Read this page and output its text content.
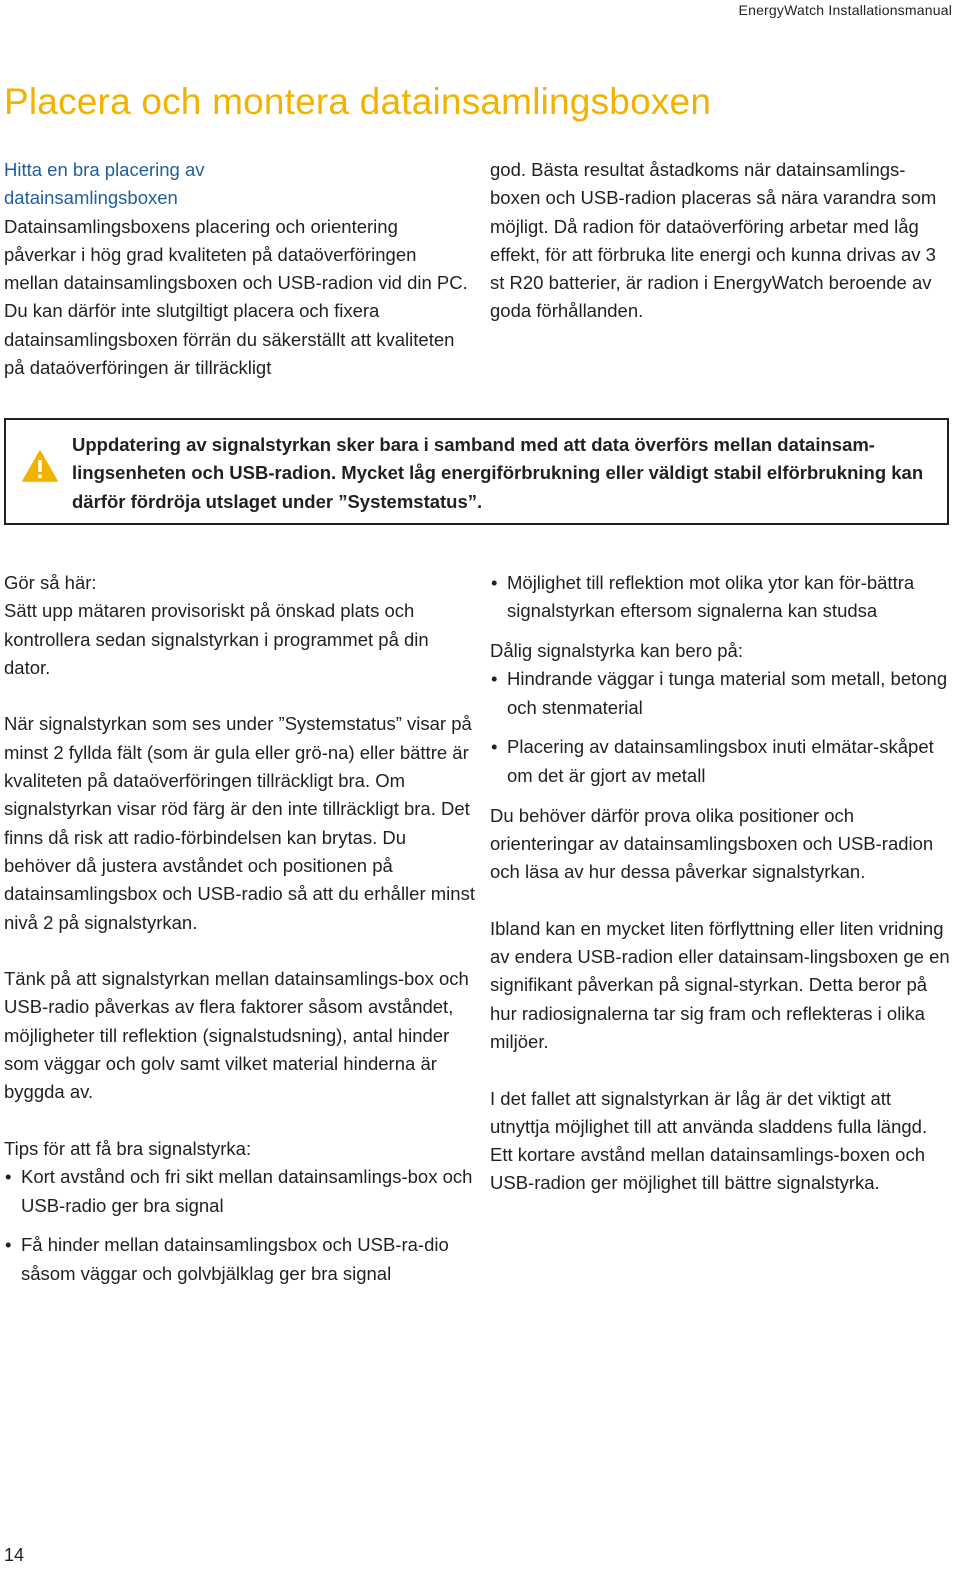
EnergyWatch Installationsmanual
Placera och montera datainsamlingsboxen

Hitta en bra placering av datainsamlingsboxen

Datainsamlingsboxens placering och orientering påverkar i hög grad kvaliteten på dataöverföringen mellan datainsamlingsboxen och USB-radion vid din PC. Du kan därför inte slutgiltigt placera och fixera datainsamlingsboxen förrän du säkerställt att kvaliteten på dataöverföringen är tillräckligt

god. Bästa resultat åstadkoms när datainsamlings-boxen och USB-radion placeras så nära varandra som möjligt. Då radion för dataöverföring arbetar med låg effekt, för att förbruka lite energi och kunna drivas av 3 st R20 batterier, är radion i EnergyWatch beroende av goda förhållanden.

Uppdatering av signalstyrkan sker bara i samband med att data överförs mellan datainsam-lingsenheten och USB-radion. Mycket låg energiförbrukning eller väldigt stabil elförbrukning kan därför fördröja utslaget under ”Systemstatus”.

Gör så här:

Sätt upp mätaren provisoriskt på önskad plats och kontrollera sedan signalstyrkan i programmet på din dator.

När signalstyrkan som ses under ”Systemstatus” visar på minst 2 fyllda fält (som är gula eller grö-na) eller bättre är kvaliteten på dataöverföringen tillräckligt bra. Om signalstyrkan visar röd färg är den inte tillräckligt bra. Det finns då risk att radio-förbindelsen kan brytas. Du behöver då justera avståndet och positionen på datainsamlingsbox och USB-radio så att du erhåller minst nivå 2 på signalstyrkan.

Tänk på att signalstyrkan mellan datainsamlings-box och USB-radio påverkas av flera faktorer såsom avståndet, möjligheter till reflektion (signalstudsning), antal hinder som väggar och golv samt vilket material hinderna är byggda av.

Tips för att få bra signalstyrka:

• Kort avstånd och fri sikt mellan datainsamlings-box och USB-radio ger bra signal
• Få hinder mellan datainsamlingsbox och USB-ra-dio såsom väggar och golvbjälklag ger bra signal
• Möjlighet till reflektion mot olika ytor kan för-bättra signalstyrkan eftersom signalerna kan studsa

Dålig signalstyrka kan bero på:

• Hindrande väggar i tunga material som metall, betong och stenmaterial
• Placering av datainsamlingsbox inuti elmätar-skåpet om det är gjort av metall

Du behöver därför prova olika positioner och orienteringar av datainsamlingsboxen och USB-radion och läsa av hur dessa påverkar signalstyrkan.

Ibland kan en mycket liten förflyttning eller liten vridning av endera USB-radion eller datainsam-lingsboxen ge en signifikant påverkan på signal-styrkan. Detta beror på hur radiosignalerna tar sig fram och reflekteras i olika miljöer.

I det fallet att signalstyrkan är låg är det viktigt att utnyttja möjlighet till att använda sladdens fulla längd. Ett kortare avstånd mellan datainsamlings-boxen och USB-radion ger möjlighet till bättre signalstyrka.

14
